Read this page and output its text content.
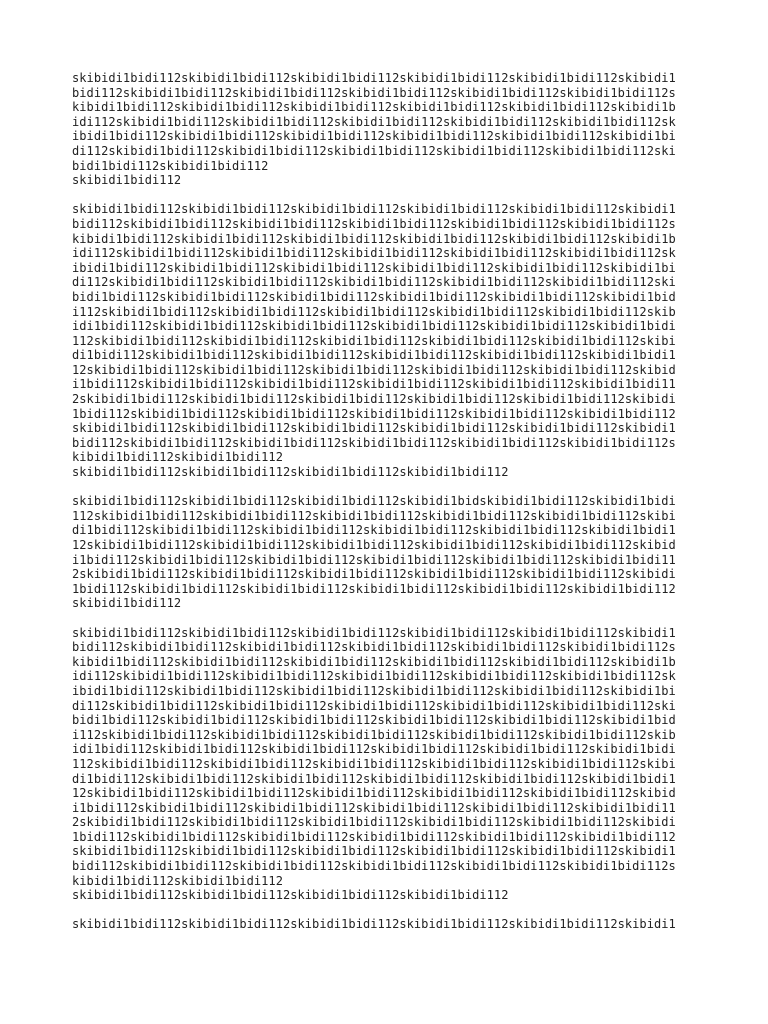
skibidi1bidi112skibidi1bidi112skibidi1bidi112skibidi1bidi112skibidi1bidi112skibidi1
bidi112skibidi1bidi112skibidi1bidi112skibidi1bidi112skibidi1bidi112skibidi1bidi112s
kibidi1bidi112skibidi1bidi112skibidi1bidi112skibidi1bidi112skibidi1bidi112skibidi1b
idi112skibidi1bidi112skibidi1bidi112skibidi1bidi112skibidi1bidi112skibidi1bidi112sk
ibidi1bidi112skibidi1bidi112skibidi1bidi112skibidi1bidi112skibidi1bidi112skibidi1bi
di112skibidi1bidi112skibidi1bidi112skibidi1bidi112skibidi1bidi112skibidi1bidi112ski
bidi1bidi112skibidi1bidi112
skibidi1bidi112
skibidi1bidi112skibidi1bidi112skibidi1bidi112skibidi1bidi112skibidi1bidi112skibidi1
bidi112skibidi1bidi112skibidi1bidi112skibidi1bidi112skibidi1bidi112skibidi1bidi112s
kibidi1bidi112skibidi1bidi112skibidi1bidi112skibidi1bidi112skibidi1bidi112skibidi1b
idi112skibidi1bidi112skibidi1bidi112skibidi1bidi112skibidi1bidi112skibidi1bidi112sk
ibidi1bidi112skibidi1bidi112skibidi1bidi112skibidi1bidi112skibidi1bidi112skibidi1bi
di112skibidi1bidi112skibidi1bidi112skibidi1bidi112skibidi1bidi112skibidi1bidi112ski
bidi1bidi112skibidi1bidi112skibidi1bidi112skibidi1bidi112skibidi1bidi112skibidi1bid
i112skibidi1bidi112skibidi1bidi112skibidi1bidi112skibidi1bidi112skibidi1bidi112skib
idi1bidi112skibidi1bidi112skibidi1bidi112skibidi1bidi112skibidi1bidi112skibidi1bidi
112skibidi1bidi112skibidi1bidi112skibidi1bidi112skibidi1bidi112skibidi1bidi112skibi
di1bidi112skibidi1bidi112skibidi1bidi112skibidi1bidi112skibidi1bidi112skibidi1bidi1
12skibidi1bidi112skibidi1bidi112skibidi1bidi112skibidi1bidi112skibidi1bidi112skibid
i1bidi112skibidi1bidi112skibidi1bidi112skibidi1bidi112skibidi1bidi112skibidi1bidi11
2skibidi1bidi112skibidi1bidi112skibidi1bidi112skibidi1bidi112skibidi1bidi112skibidi
1bidi112skibidi1bidi112skibidi1bidi112skibidi1bidi112skibidi1bidi112skibidi1bidi112
skibidi1bidi112skibidi1bidi112skibidi1bidi112skibidi1bidi112skibidi1bidi112skibidi1
bidi112skibidi1bidi112skibidi1bidi112skibidi1bidi112skibidi1bidi112skibidi1bidi112s
kibidi1bidi112skibidi1bidi112
skibidi1bidi112skibidi1bidi112skibidi1bidi112skibidi1bidi112
skibidi1bidi112skibidi1bidi112skibidi1bidi112skibidi1bidskibidi1bidi112skibidi1bidi
112skibidi1bidi112skibidi1bidi112skibidi1bidi112skibidi1bidi112skibidi1bidi112skibi
di1bidi112skibidi1bidi112skibidi1bidi112skibidi1bidi112skibidi1bidi112skibidi1bidi1
12skibidi1bidi112skibidi1bidi112skibidi1bidi112skibidi1bidi112skibidi1bidi112skibid
i1bidi112skibidi1bidi112skibidi1bidi112skibidi1bidi112skibidi1bidi112skibidi1bidi11
2skibidi1bidi112skibidi1bidi112skibidi1bidi112skibidi1bidi112skibidi1bidi112skibidi
1bidi112skibidi1bidi112skibidi1bidi112skibidi1bidi112skibidi1bidi112skibidi1bidi112
skibidi1bidi112
skibidi1bidi112skibidi1bidi112skibidi1bidi112skibidi1bidi112skibidi1bidi112skibidi1
bidi112skibidi1bidi112skibidi1bidi112skibidi1bidi112skibidi1bidi112skibidi1bidi112s
kibidi1bidi112skibidi1bidi112skibidi1bidi112skibidi1bidi112skibidi1bidi112skibidi1b
idi112skibidi1bidi112skibidi1bidi112skibidi1bidi112skibidi1bidi112skibidi1bidi112sk
ibidi1bidi112skibidi1bidi112skibidi1bidi112skibidi1bidi112skibidi1bidi112skibidi1bi
di112skibidi1bidi112skibidi1bidi112skibidi1bidi112skibidi1bidi112skibidi1bidi112ski
bidi1bidi112skibidi1bidi112skibidi1bidi112skibidi1bidi112skibidi1bidi112skibidi1bid
i112skibidi1bidi112skibidi1bidi112skibidi1bidi112skibidi1bidi112skibidi1bidi112skib
idi1bidi112skibidi1bidi112skibidi1bidi112skibidi1bidi112skibidi1bidi112skibidi1bidi
112skibidi1bidi112skibidi1bidi112skibidi1bidi112skibidi1bidi112skibidi1bidi112skibi
di1bidi112skibidi1bidi112skibidi1bidi112skibidi1bidi112skibidi1bidi112skibidi1bidi1
12skibidi1bidi112skibidi1bidi112skibidi1bidi112skibidi1bidi112skibidi1bidi112skibid
i1bidi112skibidi1bidi112skibidi1bidi112skibidi1bidi112skibidi1bidi112skibidi1bidi11
2skibidi1bidi112skibidi1bidi112skibidi1bidi112skibidi1bidi112skibidi1bidi112skibidi
1bidi112skibidi1bidi112skibidi1bidi112skibidi1bidi112skibidi1bidi112skibidi1bidi112
skibidi1bidi112skibidi1bidi112skibidi1bidi112skibidi1bidi112skibidi1bidi112skibidi1
bidi112skibidi1bidi112skibidi1bidi112skibidi1bidi112skibidi1bidi112skibidi1bidi112s
kibidi1bidi112skibidi1bidi112
skibidi1bidi112skibidi1bidi112skibidi1bidi112skibidi1bidi112
skibidi1bidi112skibidi1bidi112skibidi1bidi112skibidi1bidi112skibidi1bidi112skibidi1
